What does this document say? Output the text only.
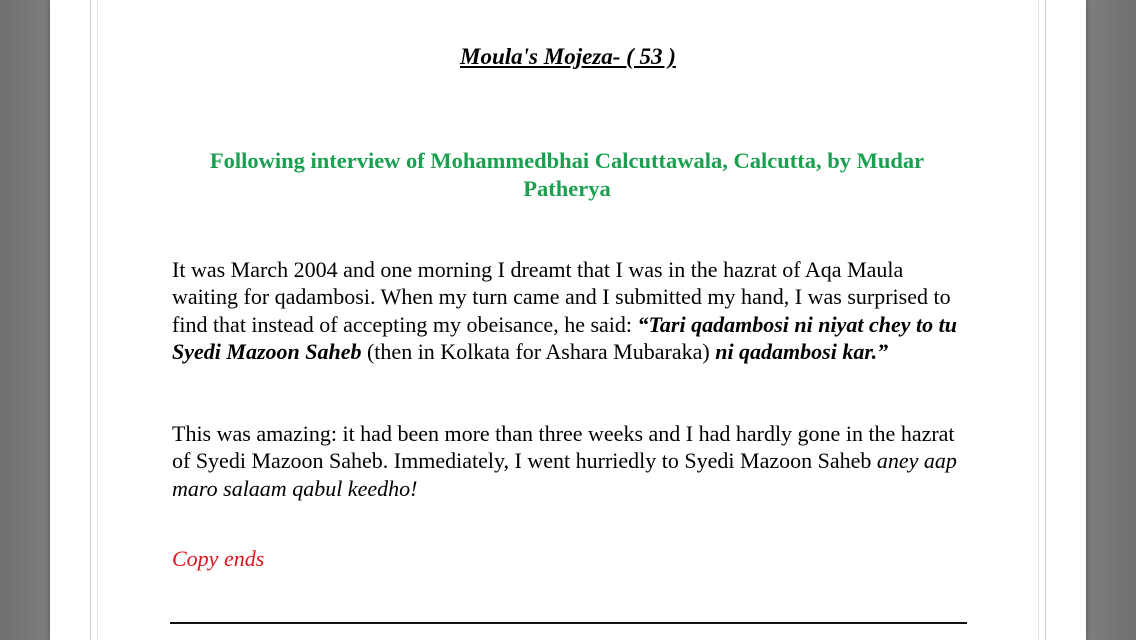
Moula's Mojeza- ( 53 )
Following interview of Mohammedbhai Calcuttawala, Calcutta, by Mudar Patherya
It was March 2004 and one morning I dreamt that I was in the hazrat of Aqa Maula waiting for qadambosi. When my turn came and I submitted my hand, I was surprised to find that instead of accepting my obeisance, he said: “Tari qadambosi ni niyat chey to tu Syedi Mazoon Saheb (then in Kolkata for Ashara Mubaraka) ni qadambosi kar.”
This was amazing: it had been more than three weeks and I had hardly gone in the hazrat of Syedi Mazoon Saheb. Immediately, I went hurriedly to Syedi Mazoon Saheb aney aap maro salaam qabul keedho!
Copy ends
